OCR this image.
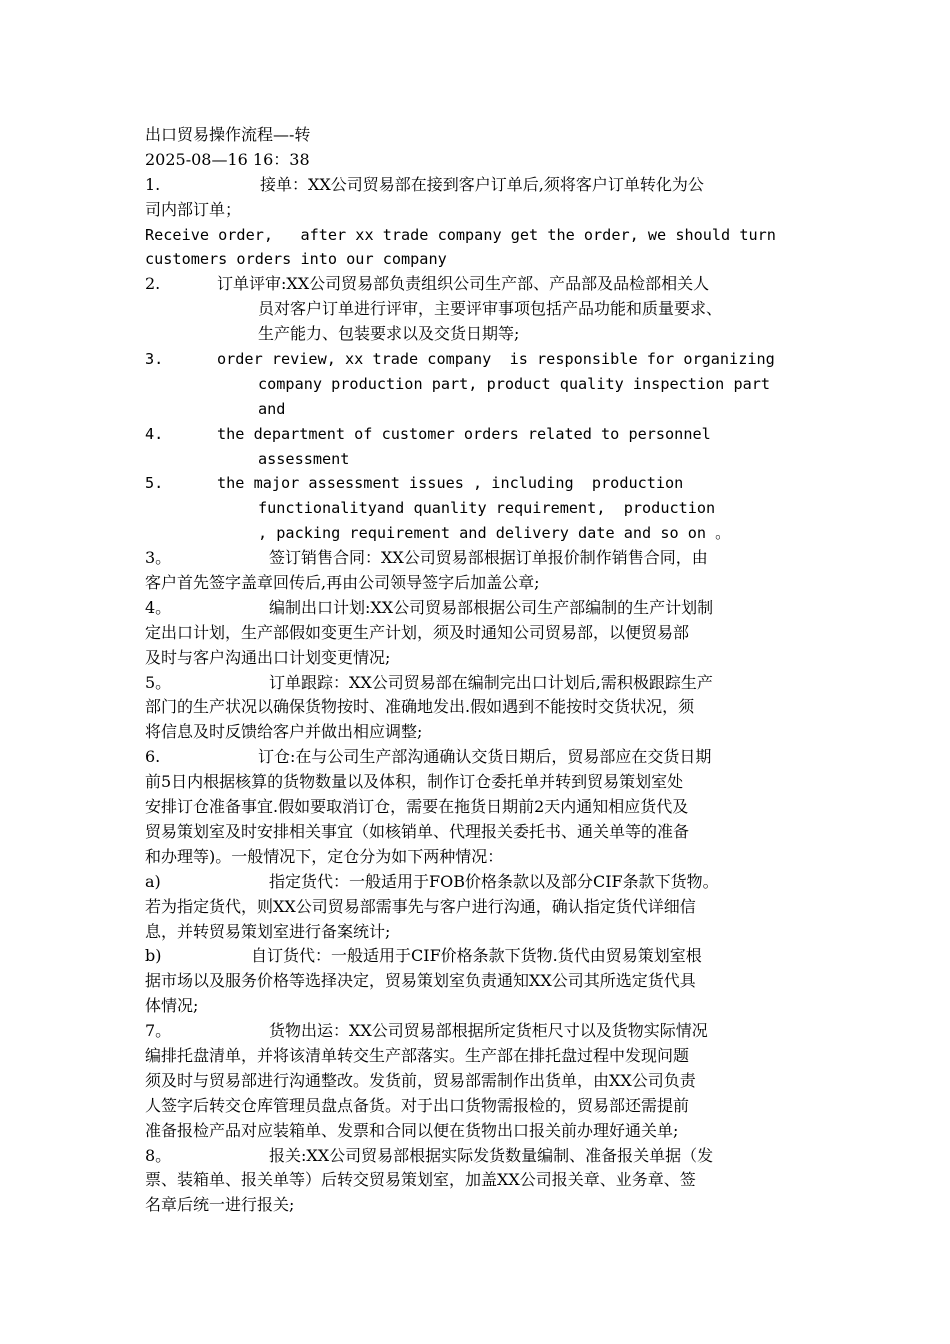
出口贸易操作流程—-转
2025-08—16 16：38

1.

	接单：XX公司贸易部在接到客户订单后,须将客户订单转化为公

司内部订单；
Receive order,   after xx trade company get the order, we should turn
customers orders into our company

2.

	订单评审:XX公司贸易部负责组织公司生产部、产品部及品检部相关人

员对客户订单进行评审，主要评审事项包括产品功能和质量要求、
生产能力、包装要求以及交货日期等;

3.

	order review, xx trade company  is responsible for organizing

company production part, product quality inspection part
and

4.

	the department of customer orders related to personnel

assessment

5.

	the major assessment issues , including  production

functionalityand quanlity requirement,  production
, packing requirement and delivery date and so on 。

3。

	签订销售合同：XX公司贸易部根据订单报价制作销售合同，由

客户首先签字盖章回传后,再由公司领导签字后加盖公章;

4。

	编制出口计划:XX公司贸易部根据公司生产部编制的生产计划制

定出口计划，生产部假如变更生产计划，须及时通知公司贸易部，以便贸易部
及时与客户沟通出口计划变更情况;

5。

	订单跟踪：XX公司贸易部在编制完出口计划后,需积极跟踪生产

部门的生产状况以确保货物按时、准确地发出.假如遇到不能按时交货状况，须
将信息及时反馈给客户并做出相应调整;

6.

	订仓:在与公司生产部沟通确认交货日期后，贸易部应在交货日期

前5日内根据核算的货物数量以及体积，制作订仓委托单并转到贸易策划室处
安排订仓准备事宜.假如要取消订仓，需要在拖货日期前2天内通知相应货代及
贸易策划室及时安排相关事宜（如核销单、代理报关委托书、通关单等的准备
和办理等)。一般情况下，定仓分为如下两种情况：

a)

	指定货代：一般适用于FOB价格条款以及部分CIF条款下货物。

若为指定货代，则XX公司贸易部需事先与客户进行沟通，确认指定货代详细信
息，并转贸易策划室进行备案统计;

b)

	自订货代：一般适用于CIF价格条款下货物.货代由贸易策划室根

据市场以及服务价格等选择决定，贸易策划室负责通知XX公司其所选定货代具
体情况;

7。

	货物出运：XX公司贸易部根据所定货柜尺寸以及货物实际情况

编排托盘清单，并将该清单转交生产部落实。生产部在排托盘过程中发现问题
须及时与贸易部进行沟通整改。发货前，贸易部需制作出货单，由XX公司负责
人签字后转交仓库管理员盘点备货。对于出口货物需报检的，贸易部还需提前
准备报检产品对应装箱单、发票和合同以便在货物出口报关前办理好通关单;

8。

	报关:XX公司贸易部根据实际发货数量编制、准备报关单据（发

票、装箱单、报关单等）后转交贸易策划室，加盖XX公司报关章、业务章、签
名章后统一进行报关;
